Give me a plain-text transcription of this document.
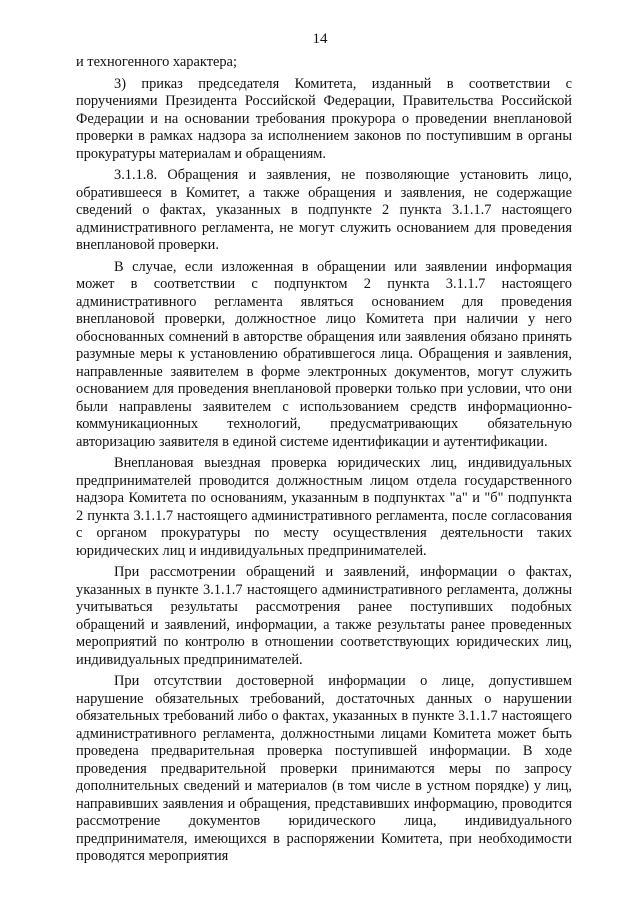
14

и техногенного характера;

3) приказ председателя Комитета, изданный в соответствии с поручениями Президента Российской Федерации, Правительства Российской Федерации и на основании требования прокурора о проведении внеплановой проверки в рамках надзора за исполнением законов по поступившим в органы прокуратуры материалам и обращениям.

3.1.1.8. Обращения и заявления, не позволяющие установить лицо, обратившееся в Комитет, а также обращения и заявления, не содержащие сведений о фактах, указанных в подпункте 2 пункта 3.1.1.7 настоящего административного регламента, не могут служить основанием для проведения внеплановой проверки.

В случае, если изложенная в обращении или заявлении информация может в соответствии с подпунктом 2 пункта 3.1.1.7 настоящего административного регламента являться основанием для проведения внеплановой проверки, должностное лицо Комитета при наличии у него обоснованных сомнений в авторстве обращения или заявления обязано принять разумные меры к установлению обратившегося лица. Обращения и заявления, направленные заявителем в форме электронных документов, могут служить основанием для проведения внеплановой проверки только при условии, что они были направлены заявителем с использованием средств информационно-коммуникационных технологий, предусматривающих обязательную авторизацию заявителя в единой системе идентификации и аутентификации.

Внеплановая выездная проверка юридических лиц, индивидуальных предпринимателей проводится должностным лицом отдела государственного надзора Комитета по основаниям, указанным в подпунктах "а" и "б" подпункта 2 пункта 3.1.1.7 настоящего административного регламента, после согласования с органом прокуратуры по месту осуществления деятельности таких юридических лиц и индивидуальных предпринимателей.

При рассмотрении обращений и заявлений, информации о фактах, указанных в пункте 3.1.1.7 настоящего административного регламента, должны учитываться результаты рассмотрения ранее поступивших подобных обращений и заявлений, информации, а также результаты ранее проведенных мероприятий по контролю в отношении соответствующих юридических лиц, индивидуальных предпринимателей.

При отсутствии достоверной информации о лице, допустившем нарушение обязательных требований, достаточных данных о нарушении обязательных требований либо о фактах, указанных в пункте 3.1.1.7 настоящего административного регламента, должностными лицами Комитета может быть проведена предварительная проверка поступившей информации. В ходе проведения предварительной проверки принимаются меры по запросу дополнительных сведений и материалов (в том числе в устном порядке) у лиц, направивших заявления и обращения, представивших информацию, проводится рассмотрение документов юридического лица, индивидуального предпринимателя, имеющихся в распоряжении Комитета, при необходимости проводятся мероприятия
